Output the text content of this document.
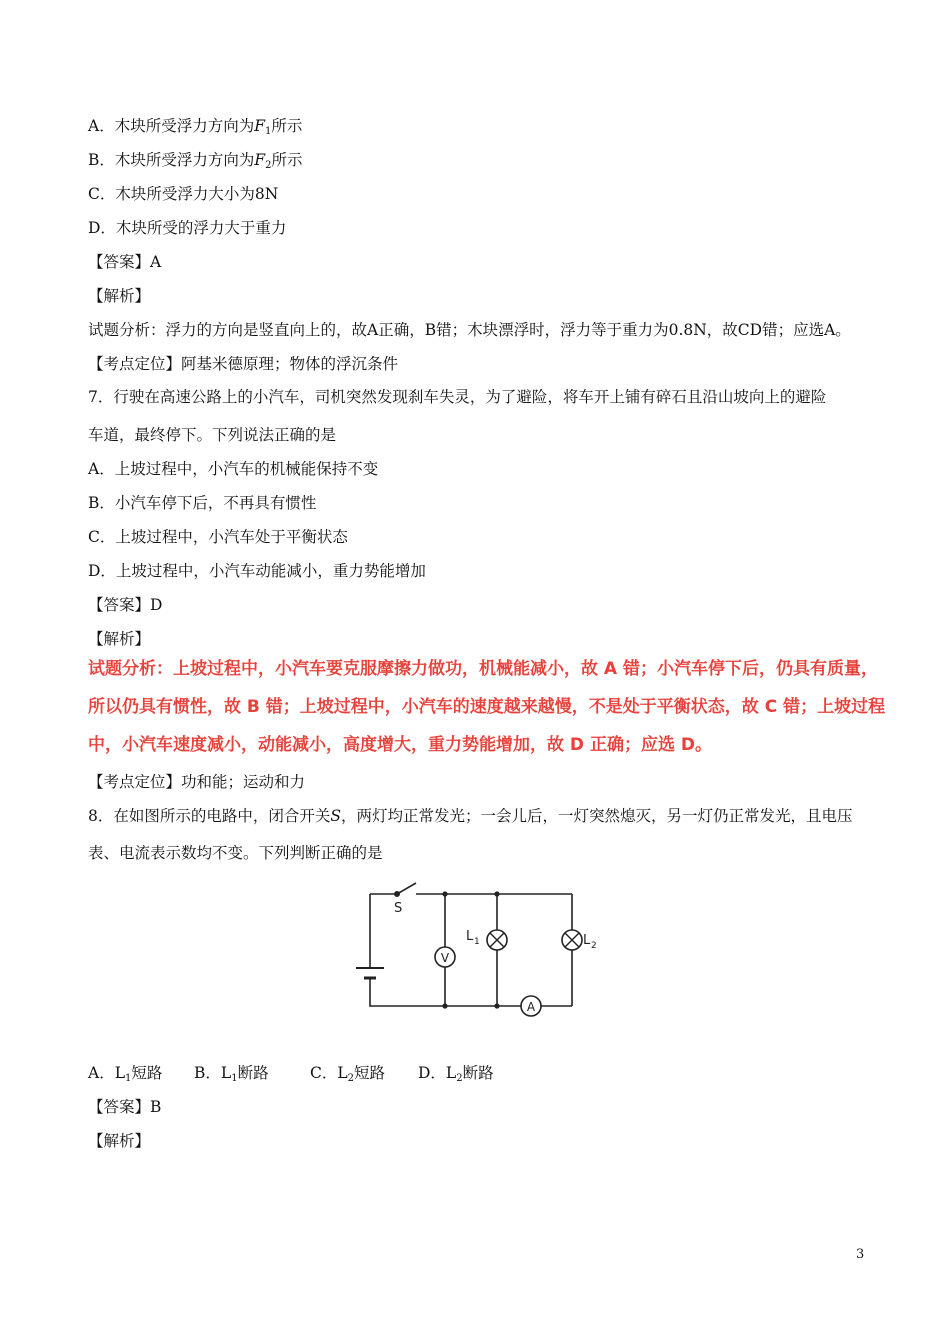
A．木块所受浮力方向为$F_1$所示
B．木块所受浮力方向为$F_2$所示
C．木块所受浮力大小为8N
D．木块所受的浮力大于重力
【答案】A
【解析】
试题分析：浮力的方向是竖直向上的，故A正确，B错；木块漂浮时，浮力等于重力为0.8N，故CD错；应选A。
【考点定位】阿基米德原理；物体的浮沉条件
7．行驶在高速公路上的小汽车，司机突然发现刹车失灵，为了避险，将车开上铺有碎石且沿山坡向上的避险
车道，最终停下。下列说法正确的是
A．上坡过程中，小汽车的机械能保持不变
B．小汽车停下后，不再具有惯性
C．上坡过程中，小汽车处于平衡状态
D．上坡过程中，小汽车动能减小，重力势能增加
【答案】D
【解析】
试题分析：上坡过程中，小汽车要克服摩擦力做功，机械能减小，故 A 错；小汽车停下后，仍具有质量，
所以仍具有惯性，故 B 错；上坡过程中，小汽车的速度越来越慢，不是处于平衡状态，故 C 错；上坡过程
中，小汽车速度减小，动能减小，高度增大，重力势能增加，故 D 正确；应选 D。
【考点定位】功和能；运动和力
8．在如图所示的电路中，闭合开关S，两灯均正常发光；一会儿后，一灯突然熄灭，另一灯仍正常发光，且电压
表、电流表示数均不变。下列判断正确的是
V
A
S
L 1	L 2
A．$L_1$短路 B．$L_1$断路	C．$L_2$短路 D．$L_2$断路
【答案】B
【解析】
3
